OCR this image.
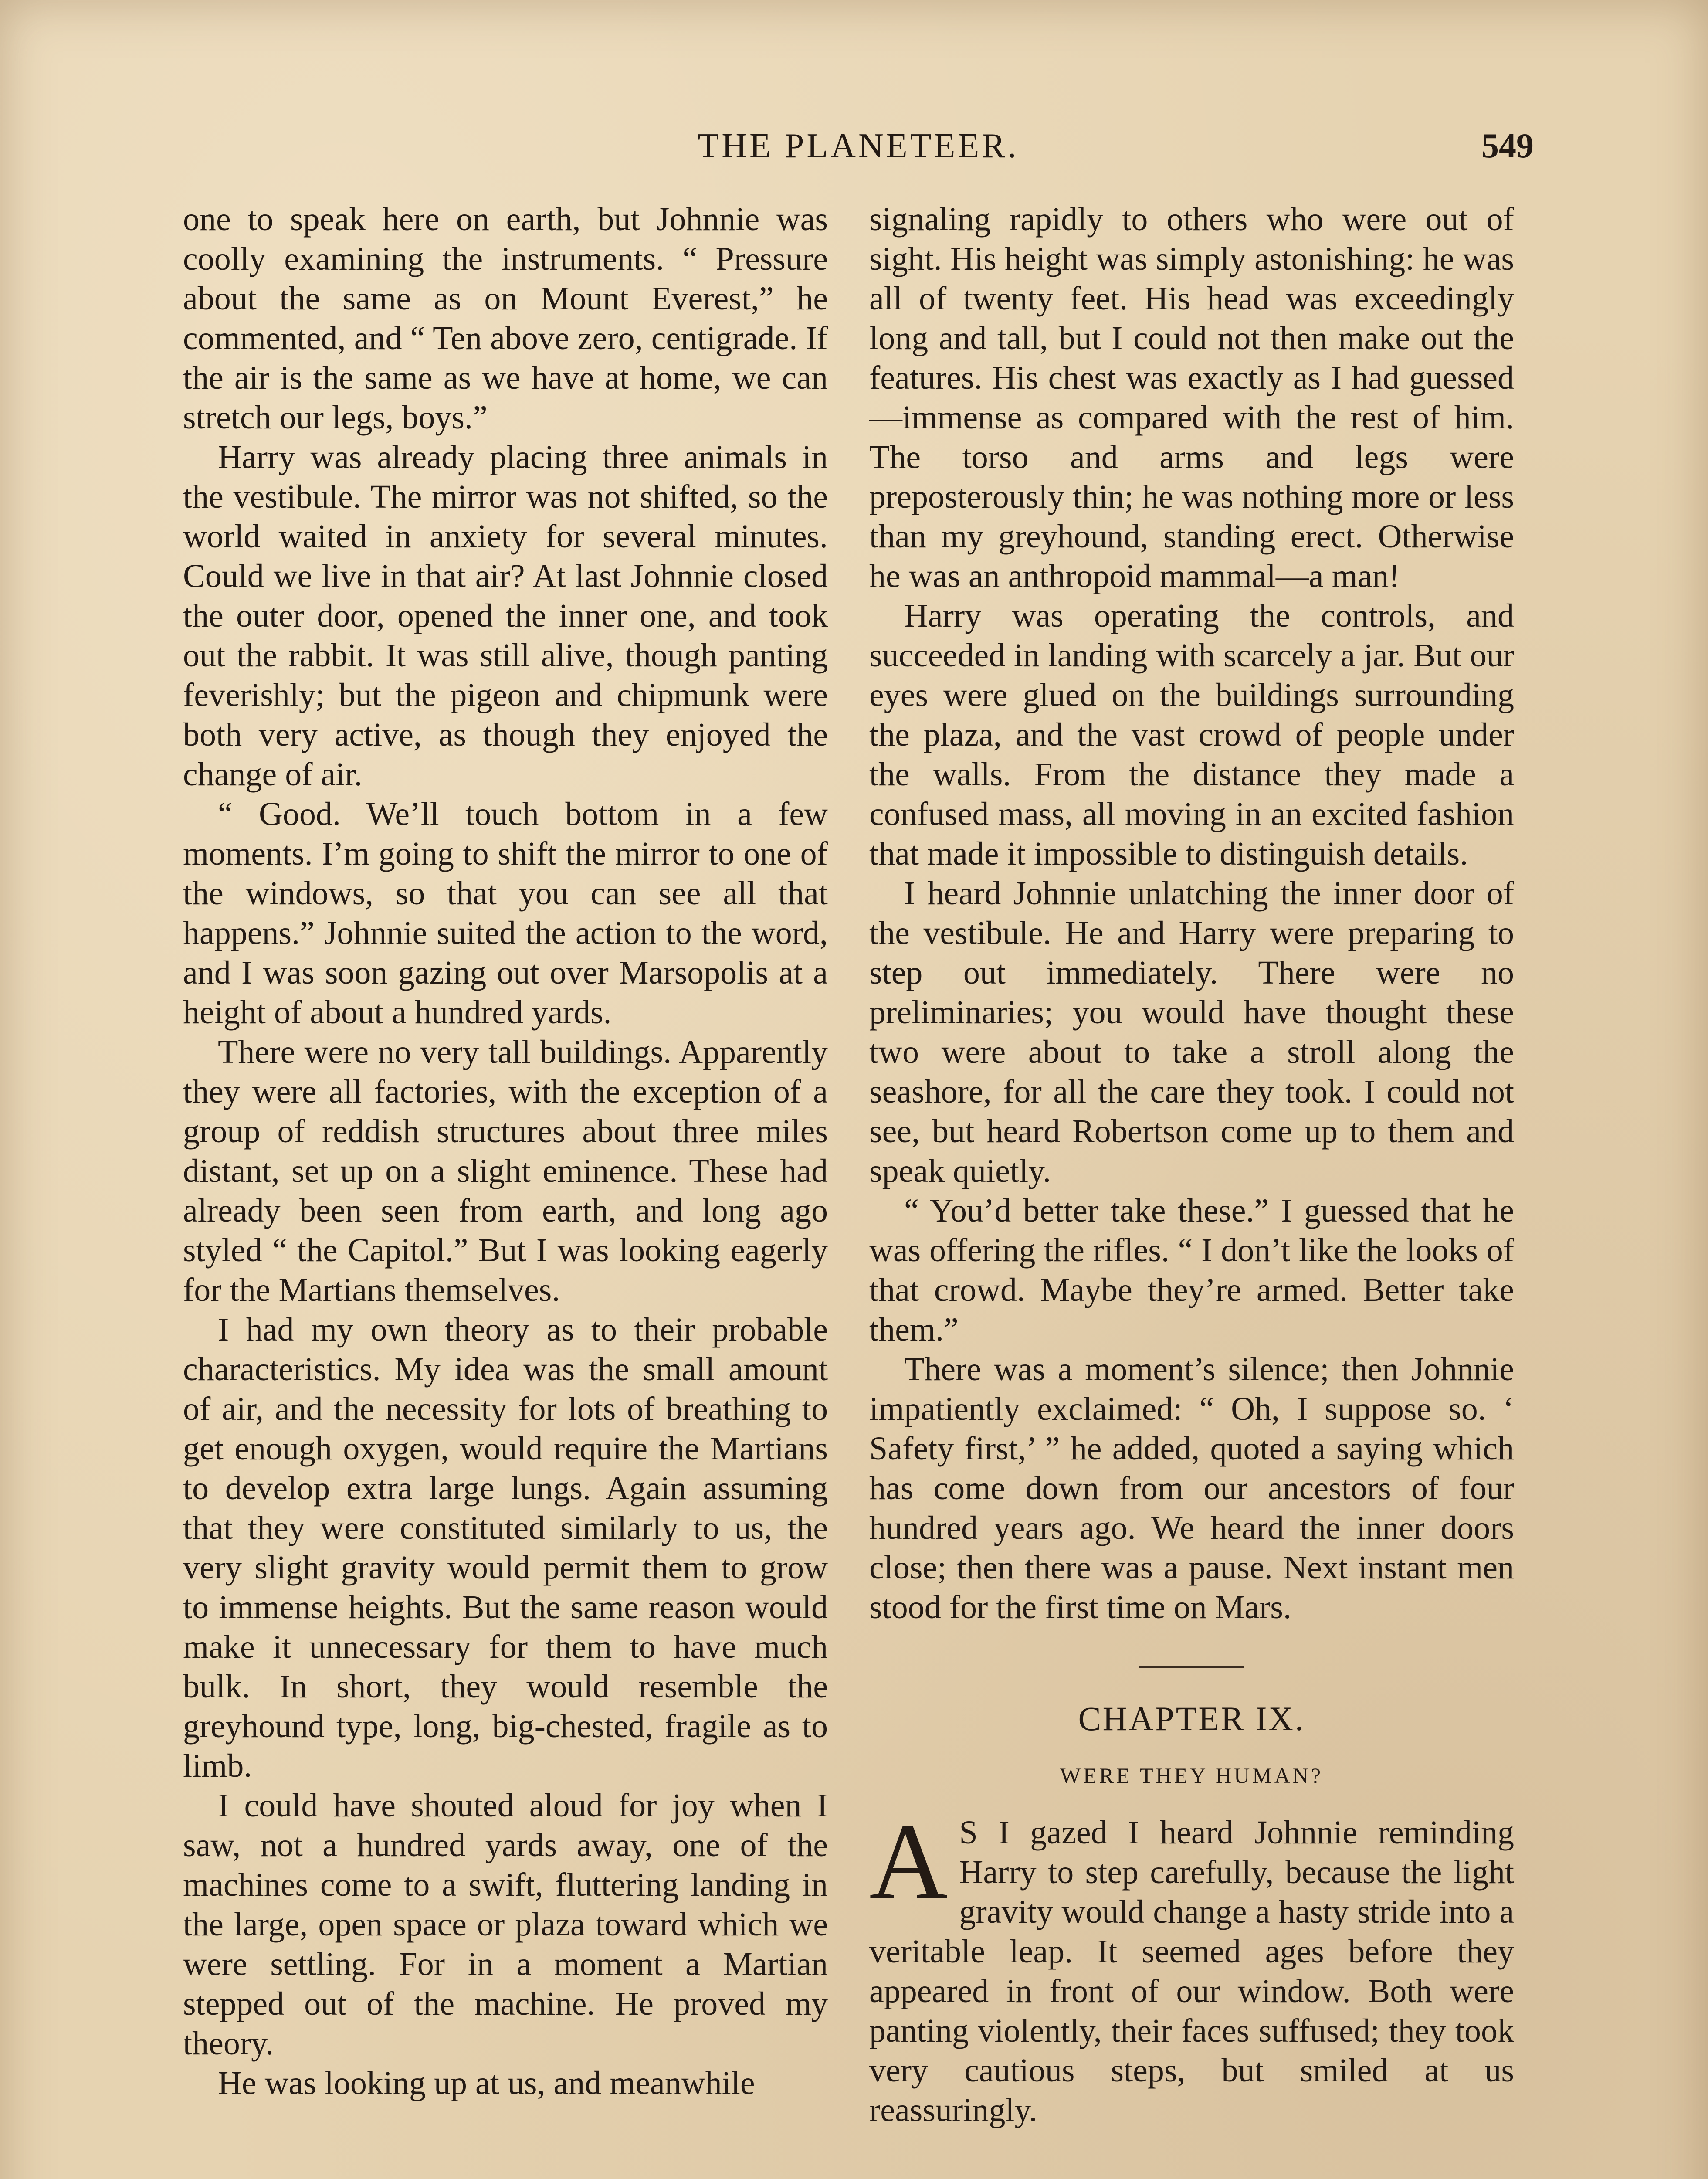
THE PLANETEER.	549

one to speak here on earth, but Johnnie was coolly examining the instruments. “ Pressure about the same as on Mount Everest,” he commented, and “ Ten above zero, centigrade. If the air is the same as we have at home, we can stretch our legs, boys.”

Harry was already placing three animals in the vestibule. The mirror was not shifted, so the world waited in anxiety for several minutes. Could we live in that air? At last Johnnie closed the outer door, opened the inner one, and took out the rabbit. It was still alive, though panting feverishly; but the pigeon and chipmunk were both very active, as though they enjoyed the change of air.

“ Good. We’ll touch bottom in a few moments. I’m going to shift the mirror to one of the windows, so that you can see all that happens.” Johnnie suited the action to the word, and I was soon gazing out over Marsopolis at a height of about a hundred yards.

There were no very tall buildings. Apparently they were all factories, with the exception of a group of reddish structures about three miles distant, set up on a slight eminence. These had already been seen from earth, and long ago styled “ the Capitol.” But I was looking eagerly for the Martians themselves.

I had my own theory as to their probable characteristics. My idea was the small amount of air, and the necessity for lots of breathing to get enough oxygen, would require the Martians to develop extra large lungs. Again assuming that they were constituted similarly to us, the very slight gravity would permit them to grow to immense heights. But the same reason would make it unnecessary for them to have much bulk. In short, they would resemble the greyhound type, long, big-chested, fragile as to limb.

I could have shouted aloud for joy when I saw, not a hundred yards away, one of the machines come to a swift, fluttering landing in the large, open space or plaza toward which we were settling. For in a moment a Martian stepped out of the machine. He proved my theory.

He was looking up at us, and meanwhile

signaling rapidly to others who were out of sight. His height was simply astonishing: he was all of twenty feet. His head was exceedingly long and tall, but I could not then make out the features. His chest was exactly as I had guessed—immense as compared with the rest of him. The torso and arms and legs were preposterously thin; he was nothing more or less than my greyhound, standing erect. Otherwise he was an anthropoid mammal—a man!

Harry was operating the controls, and succeeded in landing with scarcely a jar. But our eyes were glued on the buildings surrounding the plaza, and the vast crowd of people under the walls. From the distance they made a confused mass, all moving in an excited fashion that made it impossible to distinguish details.

I heard Johnnie unlatching the inner door of the vestibule. He and Harry were preparing to step out immediately. There were no preliminaries; you would have thought these two were about to take a stroll along the seashore, for all the care they took. I could not see, but heard Robertson come up to them and speak quietly.

“ You’d better take these.” I guessed that he was offering the rifles. “ I don’t like the looks of that crowd. Maybe they’re armed. Better take them.”

There was a moment’s silence; then Johnnie impatiently exclaimed: “ Oh, I suppose so. ‘ Safety first,’ ” he added, quoted a saying which has come down from our ancestors of four hundred years ago. We heard the inner doors close; then there was a pause. Next instant men stood for the first time on Mars.

CHAPTER IX.
WERE THEY HUMAN?

A S I gazed I heard Johnnie reminding Harry to step carefully, because the light gravity would change a hasty stride into a veritable leap. It seemed ages before they appeared in front of our window. Both were panting violently, their faces suffused; they took very cautious steps, but smiled at us reassuringly.
